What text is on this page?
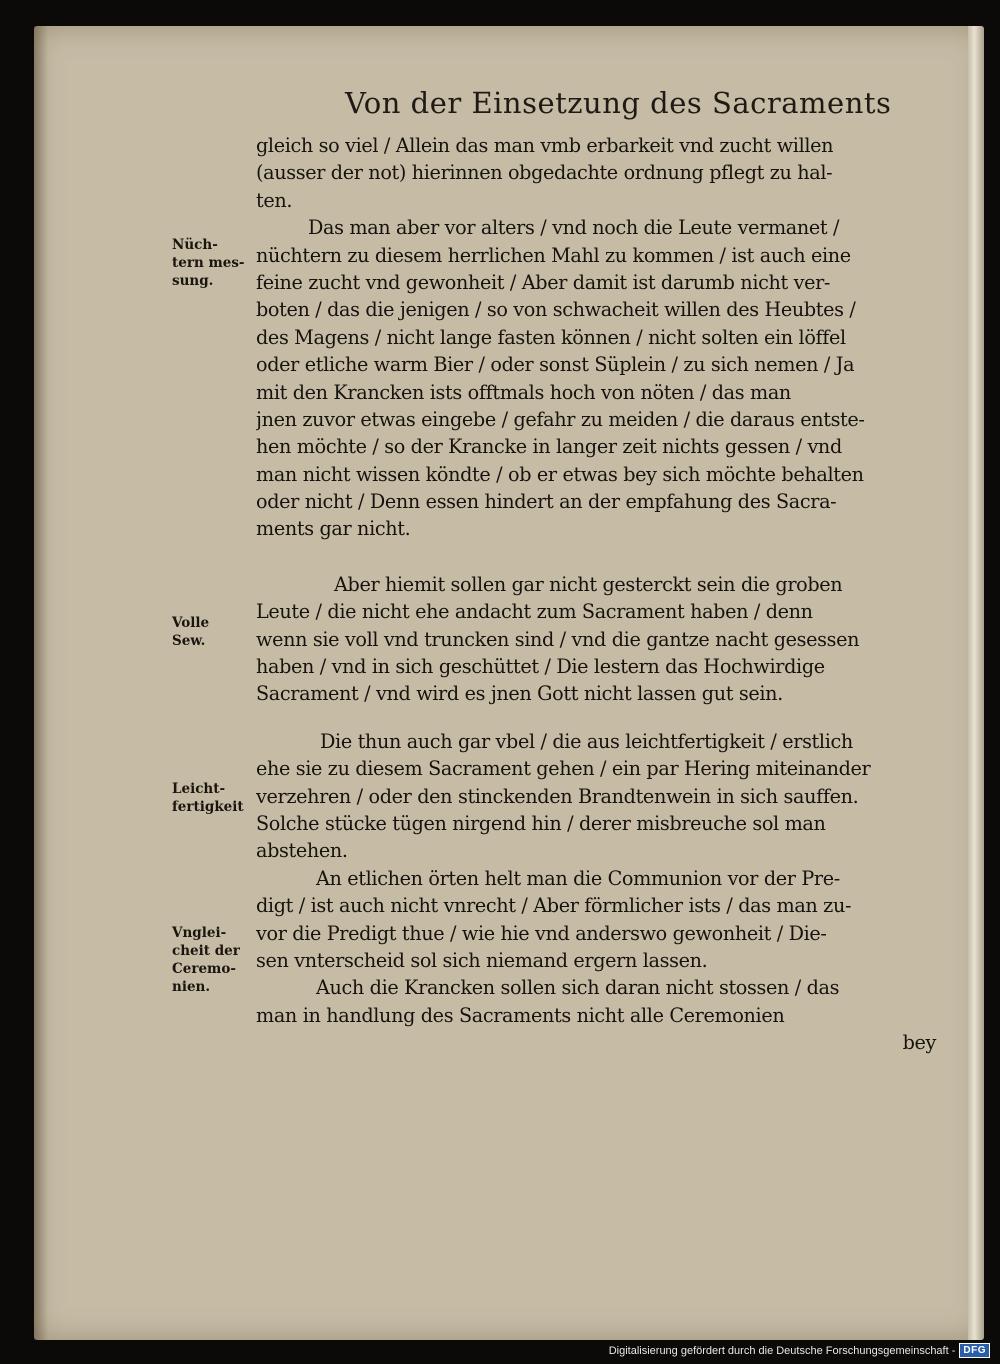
Von der Einsetzung des Sacraments
Nüch-
tern mes-
sung.
Volle
Sew.
Leicht-
fertigkeit
Vnglei-
cheit der
Ceremo-
nien.
gleich so viel / Allein das man vmb erbarkeit vnd zucht willen
(ausser der not) hierinnen obgedachte ordnung pflegt zu hal-
ten.
Das man aber vor alters / vnd noch die Leute vermanet /
nüchtern zu diesem herrlichen Mahl zu kommen / ist auch eine
feine zucht vnd gewonheit / Aber damit ist darumb nicht ver-
boten / das die jenigen / so von schwacheit willen des Heubtes /
des Magens / nicht lange fasten können / nicht solten ein löffel
oder etliche warm Bier / oder sonst Süplein / zu sich nemen / Ja
mit den Krancken ists offtmals hoch von nöten / das man
jnen zuvor etwas eingebe / gefahr zu meiden / die daraus entste-
hen möchte / so der Krancke in langer zeit nichts gessen / vnd
man nicht wissen köndte / ob er etwas bey sich möchte behalten
oder nicht / Denn essen hindert an der empfahung des Sacra-
ments gar nicht.
Aber hiemit sollen gar nicht gesterckt sein die groben
Leute / die nicht ehe andacht zum Sacrament haben / denn
wenn sie voll vnd truncken sind / vnd die gantze nacht gesessen
haben / vnd in sich geschüttet / Die lestern das Hochwirdige
Sacrament / vnd wird es jnen Gott nicht lassen gut sein.
Die thun auch gar vbel / die aus leichtfertigkeit / erstlich
ehe sie zu diesem Sacrament gehen / ein par Hering miteinander
verzehren / oder den stinckenden Brandtenwein in sich sauffen.
Solche stücke tügen nirgend hin / derer misbreuche sol man
abstehen.
An etlichen örten helt man die Communion vor der Pre-
digt / ist auch nicht vnrecht / Aber förmlicher ists / das man zu-
vor die Predigt thue / wie hie vnd anderswo gewonheit / Die-
sen vnterscheid sol sich niemand ergern lassen.
Auch die Krancken sollen sich daran nicht stossen / das
man in handlung des Sacraments nicht alle Ceremonien
bey
Digitalisierung gefördert durch die Deutsche Forschungsgemeinschaft - DFG
